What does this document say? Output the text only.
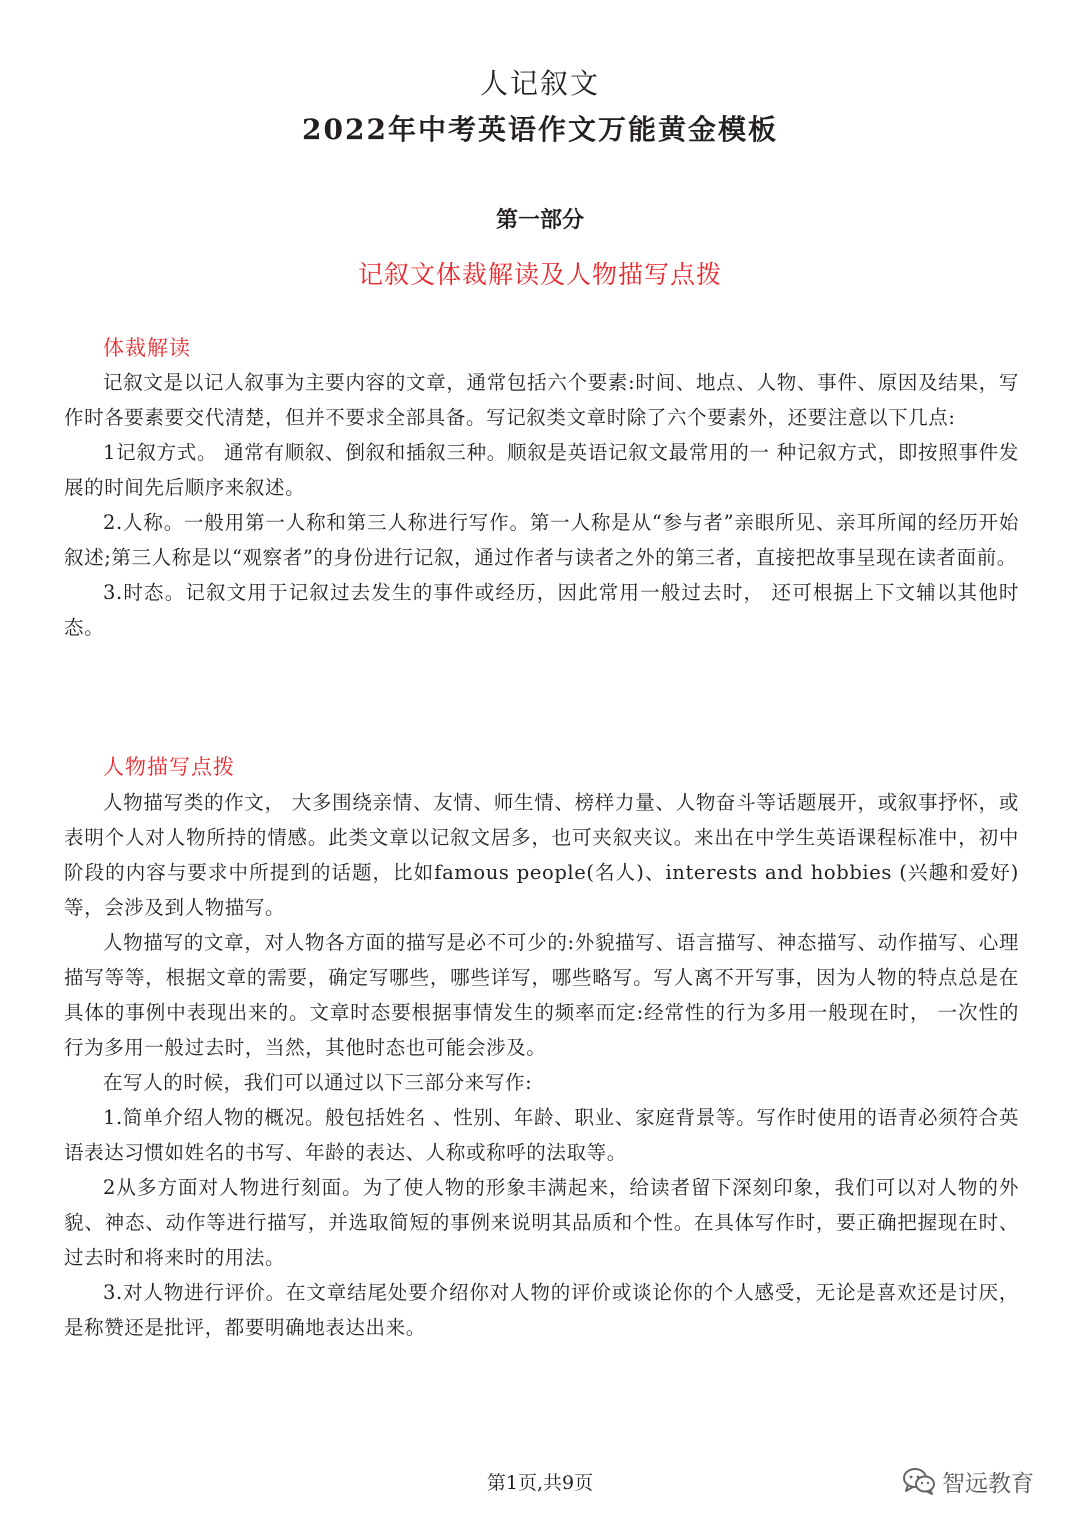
人记叙文
2022年中考英语作文万能黄金模板
第一部分
记叙文体裁解读及人物描写点拨
体裁解读

记叙文是以记人叙事为主要内容的文章，通常包括六个要素:时间、地点、人物、事件、原因及结果，写作时各要素要交代清楚，但并不要求全部具备。写记叙类文章时除了六个要素外，还要注意以下几点:

1记叙方式。 通常有顺叙、倒叙和插叙三种。顺叙是英语记叙文最常用的一 种记叙方式，即按照事件发展的时间先后顺序来叙述。

2.人称。一般用第一人称和第三人称进行写作。第一人称是从“参与者”亲眼所见、亲耳所闻的经历开始叙述;第三人称是以“观察者”的身份进行记叙，通过作者与读者之外的第三者，直接把故事呈现在读者面前。

3.时态。记叙文用于记叙过去发生的事件或经历，因此常用一般过去时， 还可根据上下文辅以其他时态。

人物描写点拨

人物描写类的作文， 大多围绕亲情、友情、师生情、榜样力量、人物奋斗等话题展开，或叙事抒怀，或表明个人对人物所持的情感。此类文章以记叙文居多，也可夹叙夹议。来出在中学生英语课程标准中，初中阶段的内容与要求中所提到的话题，比如famous people(名人)、interests and hobbies (兴趣和爱好)等，会涉及到人物描写。

人物描写的文章，对人物各方面的描写是必不可少的:外貌描写、语言描写、神态描写、动作描写、心理描写等等，根据文章的需要，确定写哪些，哪些详写，哪些略写。写人离不开写事，因为人物的特点总是在具体的事例中表现出来的。文章时态要根据事情发生的频率而定:经常性的行为多用一般现在时， 一次性的行为多用一般过去时，当然，其他时态也可能会涉及。

在写人的时候，我们可以通过以下三部分来写作:

1.简单介绍人物的概况。般包括姓名 、性别、年龄、职业、家庭背景等。写作时使用的语青必须符合英语表达习惯如姓名的书写、年龄的表达、人称或称呼的法取等。

2从多方面对人物进行刻面。为了使人物的形象丰满起来，给读者留下深刻印象，我们可以对人物的外貌、神态、动作等进行描写，并选取简短的事例来说明其品质和个性。在具体写作时，要正确把握现在时、过去时和将来时的用法。

3.对人物进行评价。在文章结尾处要介绍你对人物的评价或谈论你的个人感受，无论是喜欢还是讨厌，是称赞还是批评，都要明确地表达出来。

第1页,共9页	智远教育
